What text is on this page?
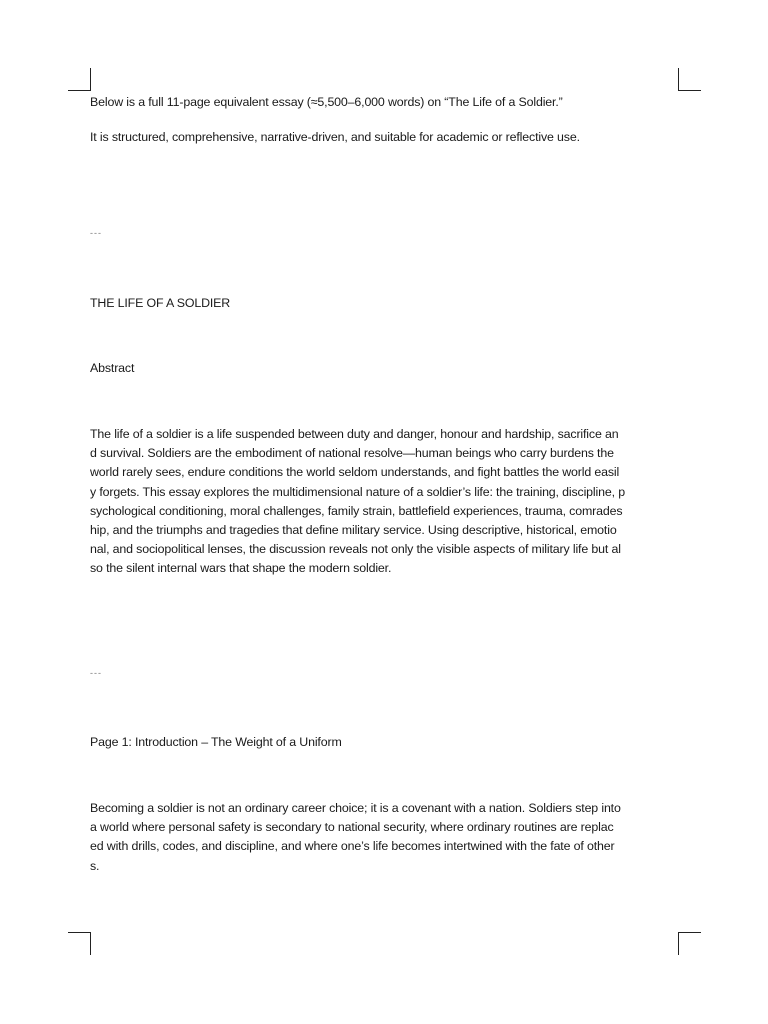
Below is a full 11-page equivalent essay (≈5,500–6,000 words) on “The Life of a Soldier.”

It is structured, comprehensive, narrative-driven, and suitable for academic or reflective use.

---

THE LIFE OF A SOLDIER

Abstract

The life of a soldier is a life suspended between duty and danger, honour and hardship, sacrifice an
d survival. Soldiers are the embodiment of national resolve—human beings who carry burdens the
world rarely sees, endure conditions the world seldom understands, and fight battles the world easil
y forgets. This essay explores the multidimensional nature of a soldier’s life: the training, discipline, p
sychological conditioning, moral challenges, family strain, battlefield experiences, trauma, comrades
hip, and the triumphs and tragedies that define military service. Using descriptive, historical, emotio
nal, and sociopolitical lenses, the discussion reveals not only the visible aspects of military life but al
so the silent internal wars that shape the modern soldier.

---

Page 1: Introduction – The Weight of a Uniform

Becoming a soldier is not an ordinary career choice; it is a covenant with a nation. Soldiers step into
a world where personal safety is secondary to national security, where ordinary routines are replac
ed with drills, codes, and discipline, and where one’s life becomes intertwined with the fate of other
s.
